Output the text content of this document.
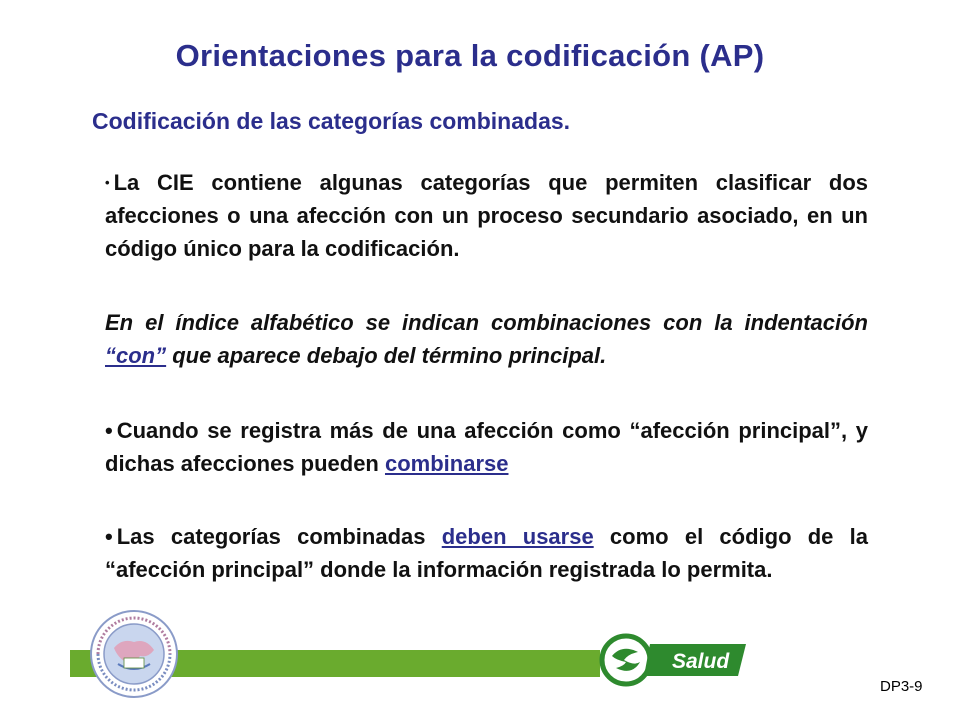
Orientaciones para la codificación (AP)
Codificación de las categorías combinadas.
• La CIE contiene algunas categorías que permiten clasificar dos afecciones o una afección con un proceso secundario asociado, en un código único para la codificación.
En el índice alfabético se indican combinaciones con la indentación “con” que aparece debajo del término principal.
• Cuando se registra más de una afección como “afección principal”, y dichas afecciones pueden combinarse
• Las categorías combinadas deben usarse como el código de la “afección principal” donde la información registrada lo permita.
Salud
DP3-9
